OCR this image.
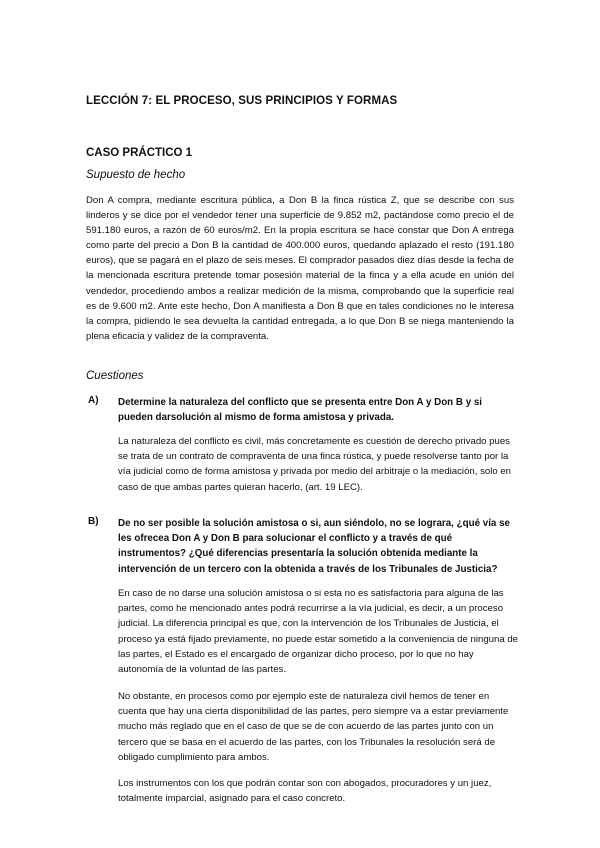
LECCIÓN 7: EL PROCESO, SUS PRINCIPIOS Y FORMAS
CASO PRÁCTICO 1
Supuesto de hecho

Don A compra, mediante escritura pública, a Don B la finca rústica Z, que se describe con sus linderos y se dice por el vendedor tener una superficie de 9.852 m2, pactándose como precio el de 591.180 euros, a razón de 60 euros/m2. En la propia escritura se hace constar que Don A entrega como parte del precio a Don B la cantidad de 400.000 euros, quedando aplazado el resto (191.180 euros), que se pagará en el plazo de seis meses. El comprador pasados diez días desde la fecha de la mencionada escritura pretende tomar posesión material de la finca y a ella acude en unión del vendedor, procediendo ambos a realizar medición de la misma, comprobando que la superficie real es de 9.600 m2. Ante este hecho, Don A manifiesta a Don B que en tales condiciones no le interesa la compra, pidiendo le sea devuelta la cantidad entregada, a lo que Don B se niega manteniendo la plena eficacia y validez de la compraventa.

Cuestiones
A) Determine la naturaleza del conflicto que se presenta entre Don A y Don B y si pueden darsolución al mismo de forma amistosa y privada.

La naturaleza del conflicto es civil, más concretamente es cuestión de derecho privado pues se trata de un contrato de compraventa de una finca rústica, y puede resolverse tanto por la vía judicial como de forma amistosa y privada por medio del arbitraje o la mediación, solo en caso de que ambas partes quieran hacerlo, (art. 19 LEC).

B) De no ser posible la solución amistosa o si, aun siéndolo, no se lograra, ¿qué vía se les ofrecea Don A y Don B para solucionar el conflicto y a través de qué instrumentos? ¿Qué diferencias presentaría la solución obtenida mediante la intervención de un tercero con la obtenida a través de los Tribunales de Justicia?

En caso de no darse una solución amistosa o si esta no es satisfactoria para alguna de las partes, como he mencionado antes podrá recurrirse a la vía judicial, es decir, a un proceso judicial. La diferencia principal es que, con la intervención de los Tribunales de Justicia, el proceso ya está fijado previamente, no puede estar sometido a la conveniencia de ninguna de las partes, el Estado es el encargado de organizar dicho proceso, por lo que no hay autonomía de la voluntad de las partes.

No obstante, en procesos como por ejemplo este de naturaleza civil hemos de tener en cuenta que hay una cierta disponibilidad de las partes, pero siempre va a estar previamente mucho más reglado que en el caso de que se de con acuerdo de las partes junto con un tercero que se basa en el acuerdo de las partes, con los Tribunales la resolución será de obligado cumplimiento para ambos.

Los instrumentos con los que podrán contar son con abogados, procuradores y un juez, totalmente imparcial, asignado para el caso concreto.
